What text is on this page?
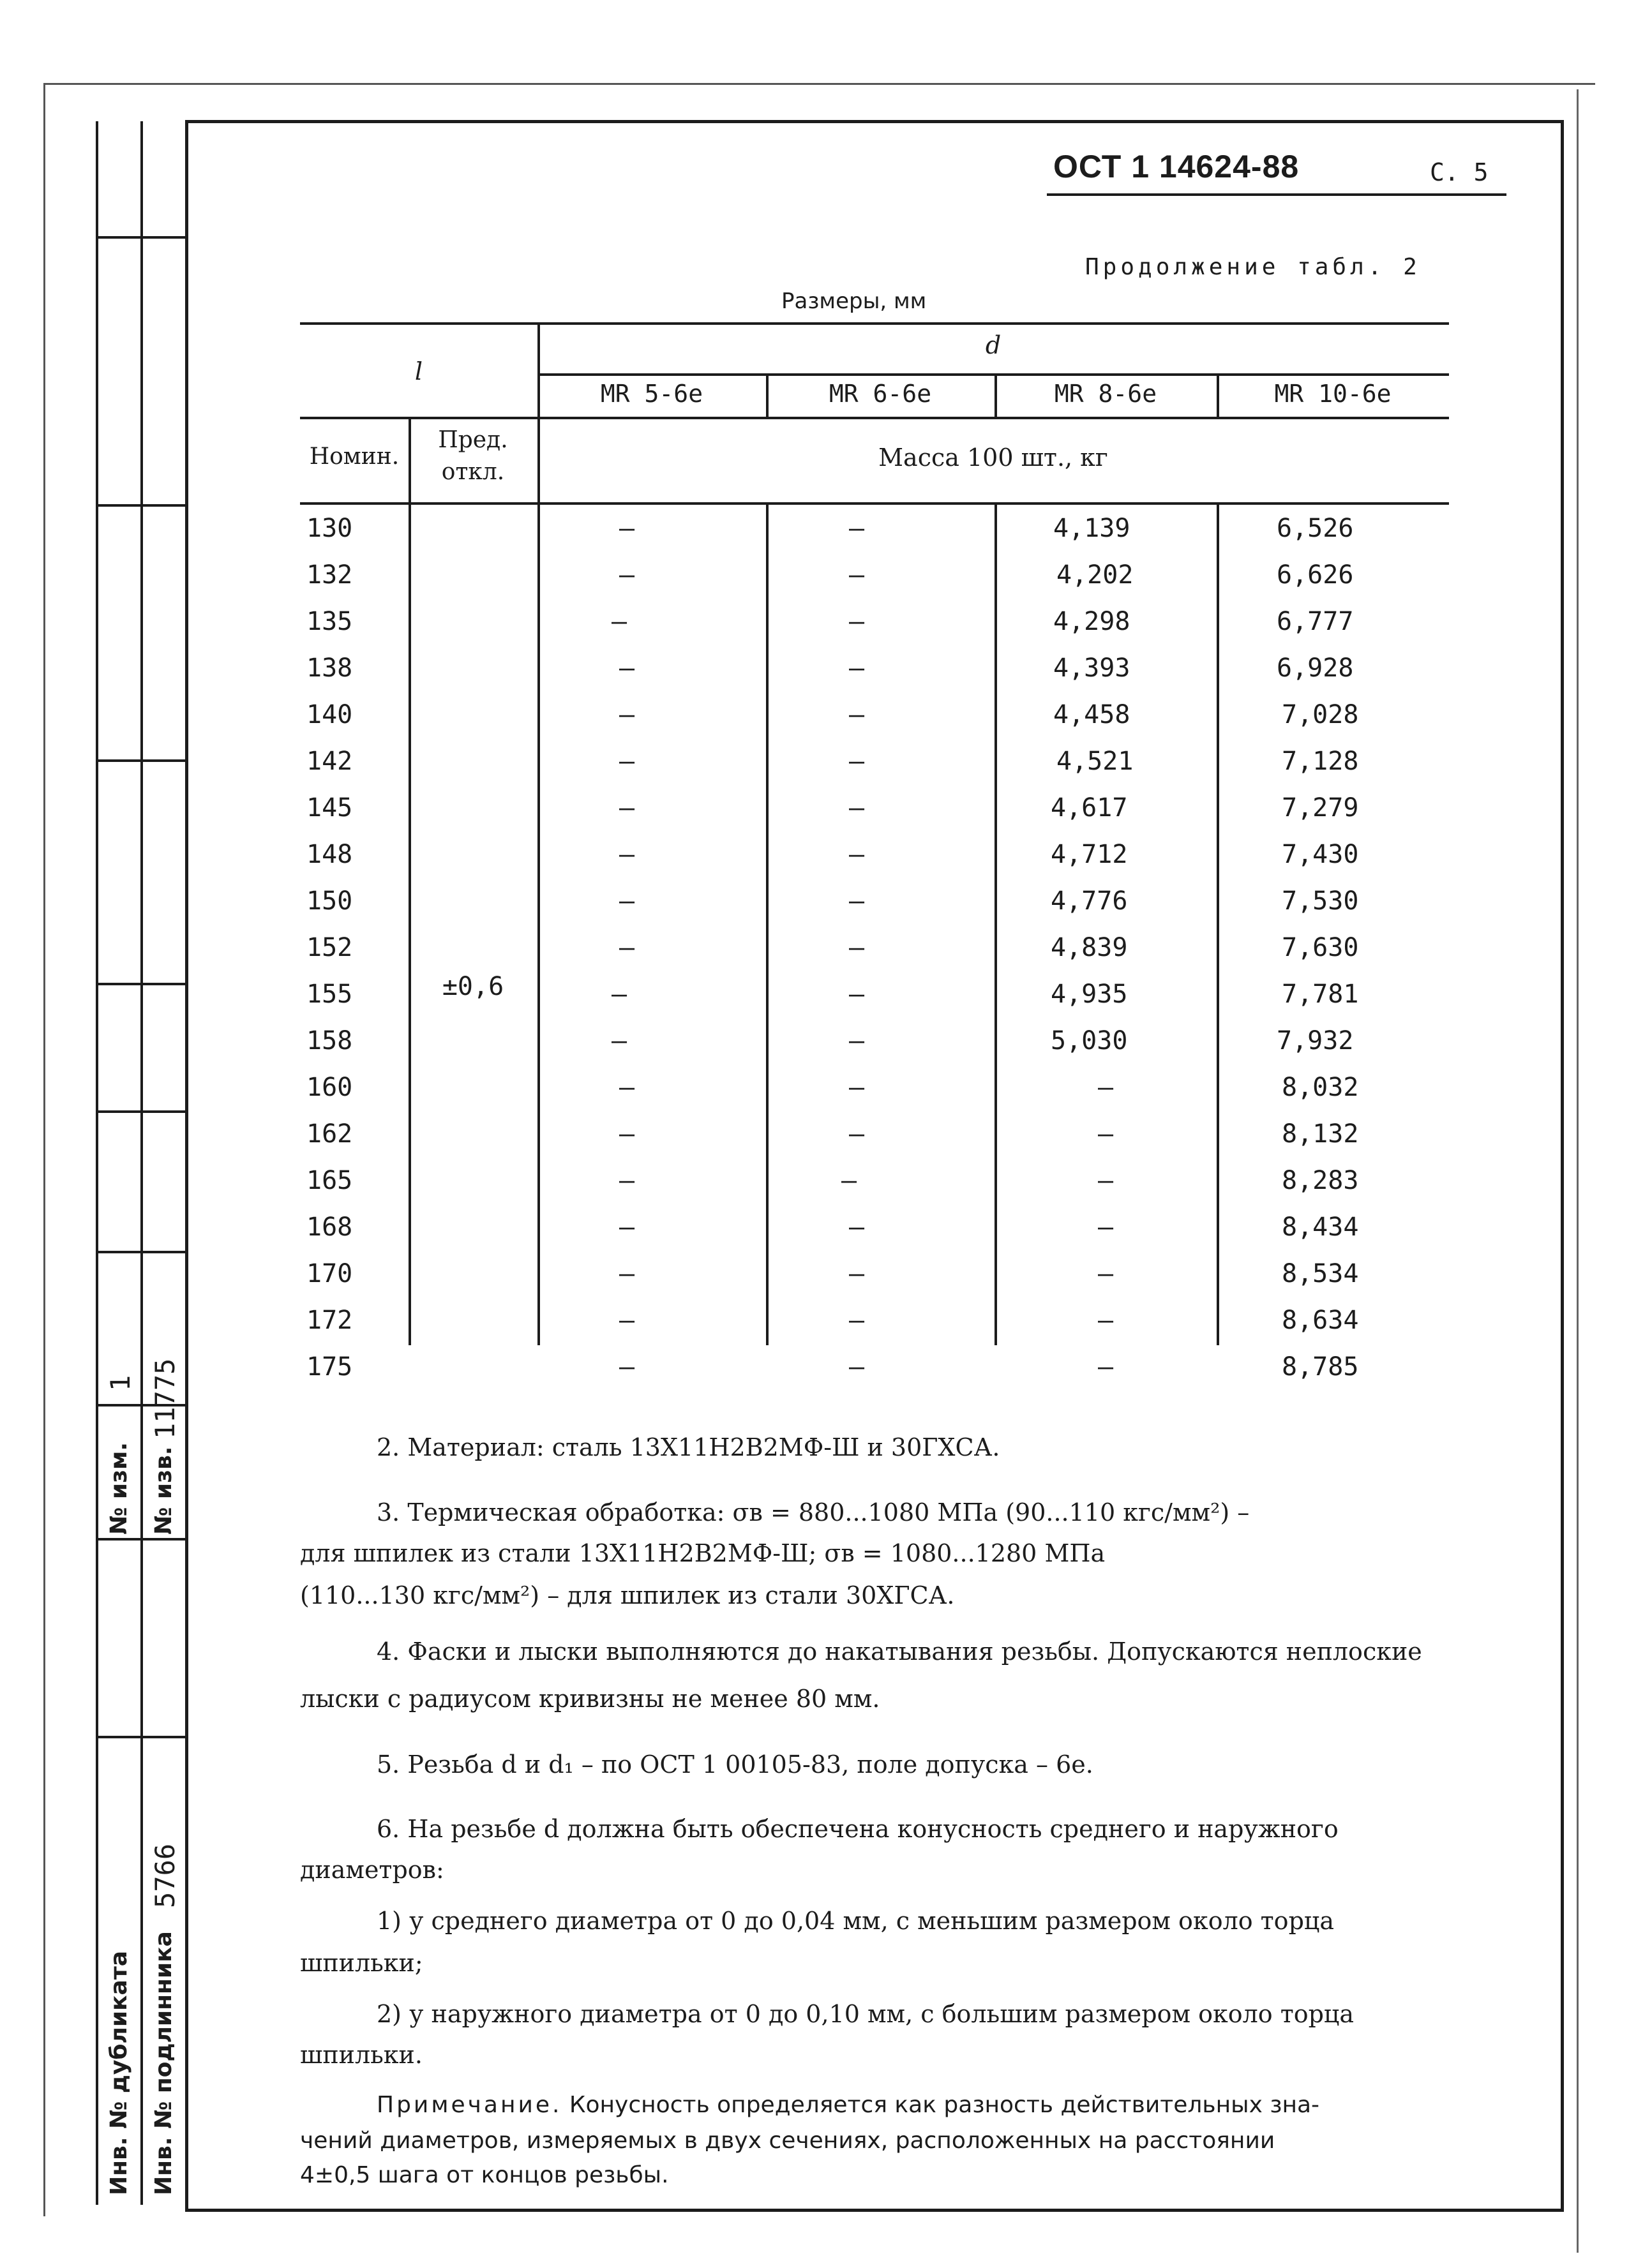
1 11775
№ изм. № изв.
5766
Инв. № дубликата Инв. № подлинника
ОСТ 1 14624-88	С. 5
Продолжение табл. 2
Размеры, мм
l
d
MR 5-6e	MR 6-6e	MR 8-6e	MR 10-6e
Номин.
Пред.
откл.
Масса 100 шт., кг
±0,6
130	–	–	4,139	6,526
132	–	–	4,202	6,626
135	–	–	4,298	6,777
138	–	–	4,393	6,928
140	–	–	4,458	7,028
142	–	–	4,521	7,128
145	–	–	4,617	7,279
148	–	–	4,712	7,430
150	–	–	4,776	7,530
152	–	–	4,839	7,630
155	–	–	4,935	7,781
158	–	–	5,030	7,932
160	–	–	–	8,032
162	–	–	–	8,132
165	–	–	–	8,283
168	–	–	–	8,434
170	–	–	–	8,534
172	–	–	–	8,634
175	–	–	–	8,785
2. Материал: сталь 13Х11Н2В2МФ-Ш и 30ГХСА.
3. Термическая обработка: σв = 880...1080 МПа (90...110 кгс/мм²) –
для шпилек из стали 13Х11Н2В2МФ-Ш; σв = 1080...1280 МПа
(110...130 кгс/мм²) – для шпилек из стали 30ХГСА.
4. Фаски и лыски выполняются до накатывания резьбы. Допускаются неплоские
лыски с радиусом кривизны не менее 80 мм.
5. Резьба d и d₁ – по ОСТ 1 00105-83, поле допуска – 6е.
6. На резьбе d должна быть обеспечена конусность среднего и наружного
диаметров:
1) у среднего диаметра от 0 до 0,04 мм, с меньшим размером около торца
шпильки;
2) у наружного диаметра от 0 до 0,10 мм, с большим размером около торца
шпильки.
Примечание. Конусность определяется как разность действительных зна-
чений диаметров, измеряемых в двух сечениях, расположенных на расстоянии
4±0,5 шага от концов резьбы.
